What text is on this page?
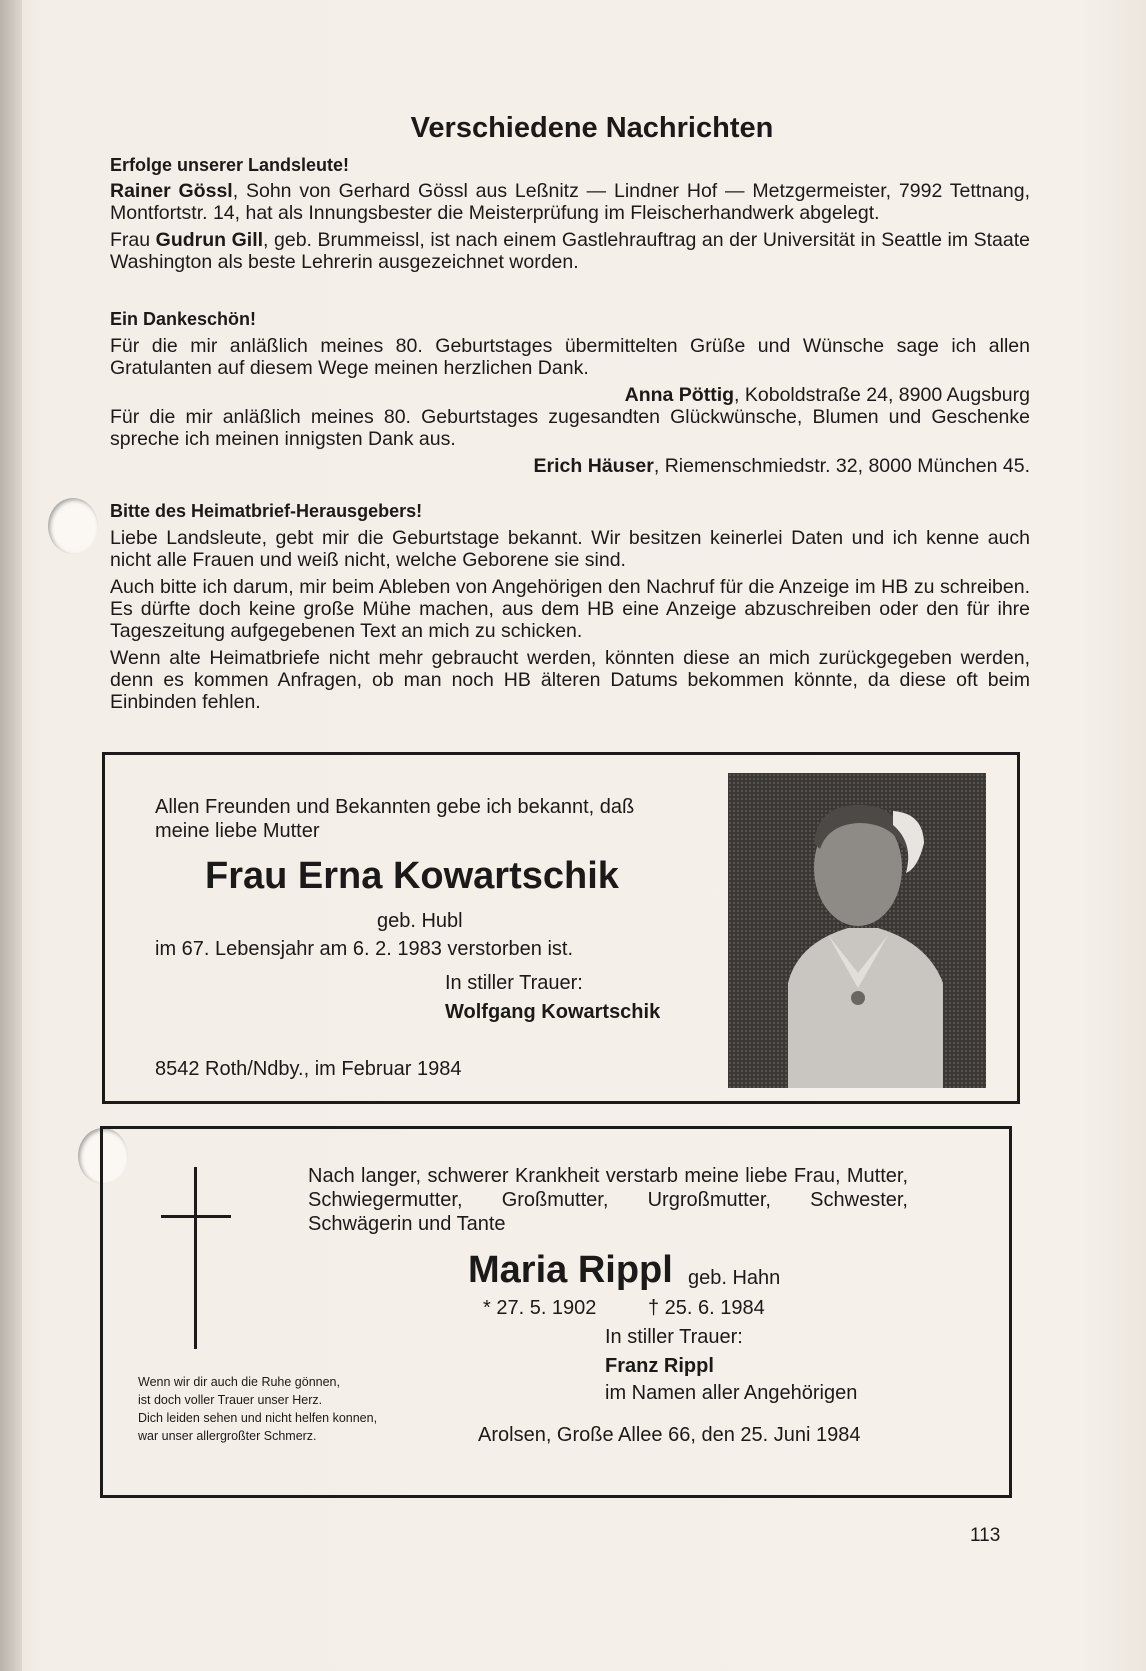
Verschiedene Nachrichten

Erfolge unserer Landsleute!

Rainer Gössl, Sohn von Gerhard Gössl aus Leßnitz — Lindner Hof — Metzgermeister, 7992 Tettnang, Montfortstr. 14, hat als Innungsbester die Meisterprüfung im Fleischerhandwerk abgelegt.

Frau Gudrun Gill, geb. Brummeissl, ist nach einem Gastlehrauftrag an der Universität in Seattle im Staate Washington als beste Lehrerin ausgezeichnet worden.

Ein Dankeschön!

Für die mir anläßlich meines 80. Geburtstages übermittelten Grüße und Wünsche sage ich allen Gratulanten auf diesem Wege meinen herzlichen Dank.

Anna Pöttig, Koboldstraße 24, 8900 Augsburg

Für die mir anläßlich meines 80. Geburtstages zugesandten Glückwünsche, Blumen und Geschenke spreche ich meinen innigsten Dank aus.

Erich Häuser, Riemenschmiedstr. 32, 8000 München 45.

Bitte des Heimatbrief-Herausgebers!

Liebe Landsleute, gebt mir die Geburtstage bekannt. Wir besitzen keinerlei Daten und ich kenne auch nicht alle Frauen und weiß nicht, welche Geborene sie sind.

Auch bitte ich darum, mir beim Ableben von Angehörigen den Nachruf für die Anzeige im HB zu schreiben. Es dürfte doch keine große Mühe machen, aus dem HB eine Anzeige abzuschreiben oder den für ihre Tageszeitung aufgegebenen Text an mich zu schicken.

Wenn alte Heimatbriefe nicht mehr gebraucht werden, könnten diese an mich zurückgegeben werden, denn es kommen Anfragen, ob man noch HB älteren Datums bekommen könnte, da diese oft beim Einbinden fehlen.

Allen Freunden und Bekannten gebe ich bekannt, daß meine liebe Mutter

Frau Erna Kowartschik

geb. Hubl

im 67. Lebensjahr am 6. 2. 1983 verstorben ist.

In stiller Trauer:

Wolfgang Kowartschik

8542 Roth/Ndby., im Februar 1984

Nach langer, schwerer Krankheit verstarb meine liebe Frau, Mutter, Schwiegermutter, Großmutter, Urgroßmutter, Schwester, Schwägerin und Tante

Maria Rippl geb. Hahn

* 27. 5. 1902	† 25. 6. 1984

In stiller Trauer:

Franz Rippl

im Namen aller Angehörigen

Arolsen, Große Allee 66, den 25. Juni 1984

Wenn wir dir auch die Ruhe gönnen,
ist doch voller Trauer unser Herz.
Dich leiden sehen und nicht helfen konnen,
war unser allergroßter Schmerz.
113
